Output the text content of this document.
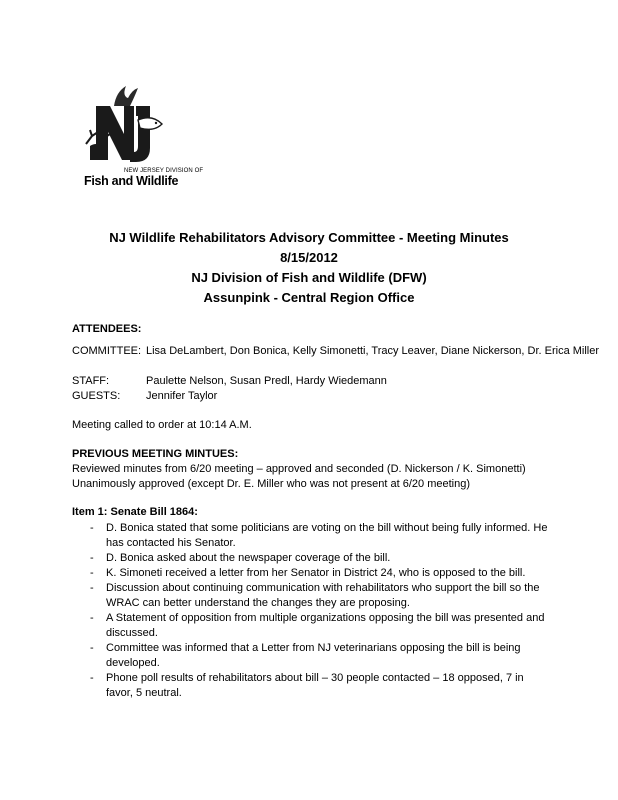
NEW JERSEY DIVISION OF
Fish and Wildlife
NJ Wildlife Rehabilitators Advisory Committee - Meeting Minutes
8/15/2012
NJ Division of Fish and Wildlife (DFW)
Assunpink - Central Region Office
ATTENDEES:
COMMITTEE: Lisa DeLambert, Don Bonica, Kelly Simonetti, Tracy Leaver, Diane Nickerson, Dr. Erica Miller
STAFF:	Paulette Nelson, Susan Predl, Hardy Wiedemann
GUESTS: Jennifer Taylor
Meeting called to order at 10:14 A.M.
PREVIOUS MEETING MINTUES:
Reviewed minutes from 6/20 meeting – approved and seconded (D. Nickerson / K. Simonetti)
Unanimously approved (except Dr. E. Miller who was not present at 6/20 meeting)
Item 1: Senate Bill 1864:
- D. Bonica stated that some politicians are voting on the bill without being fully informed. He has contacted his Senator.
- D. Bonica asked about the newspaper coverage of the bill.
- K. Simoneti received a letter from her Senator in District 24, who is opposed to the bill.
- Discussion about continuing communication with rehabilitators who support the bill so the WRAC can better understand the changes they are proposing.
- A Statement of opposition from multiple organizations opposing the bill was presented and discussed.
- Committee was informed that a Letter from NJ veterinarians opposing the bill is being developed.
- Phone poll results of rehabilitators about bill – 30 people contacted – 18 opposed, 7 in favor, 5 neutral.
